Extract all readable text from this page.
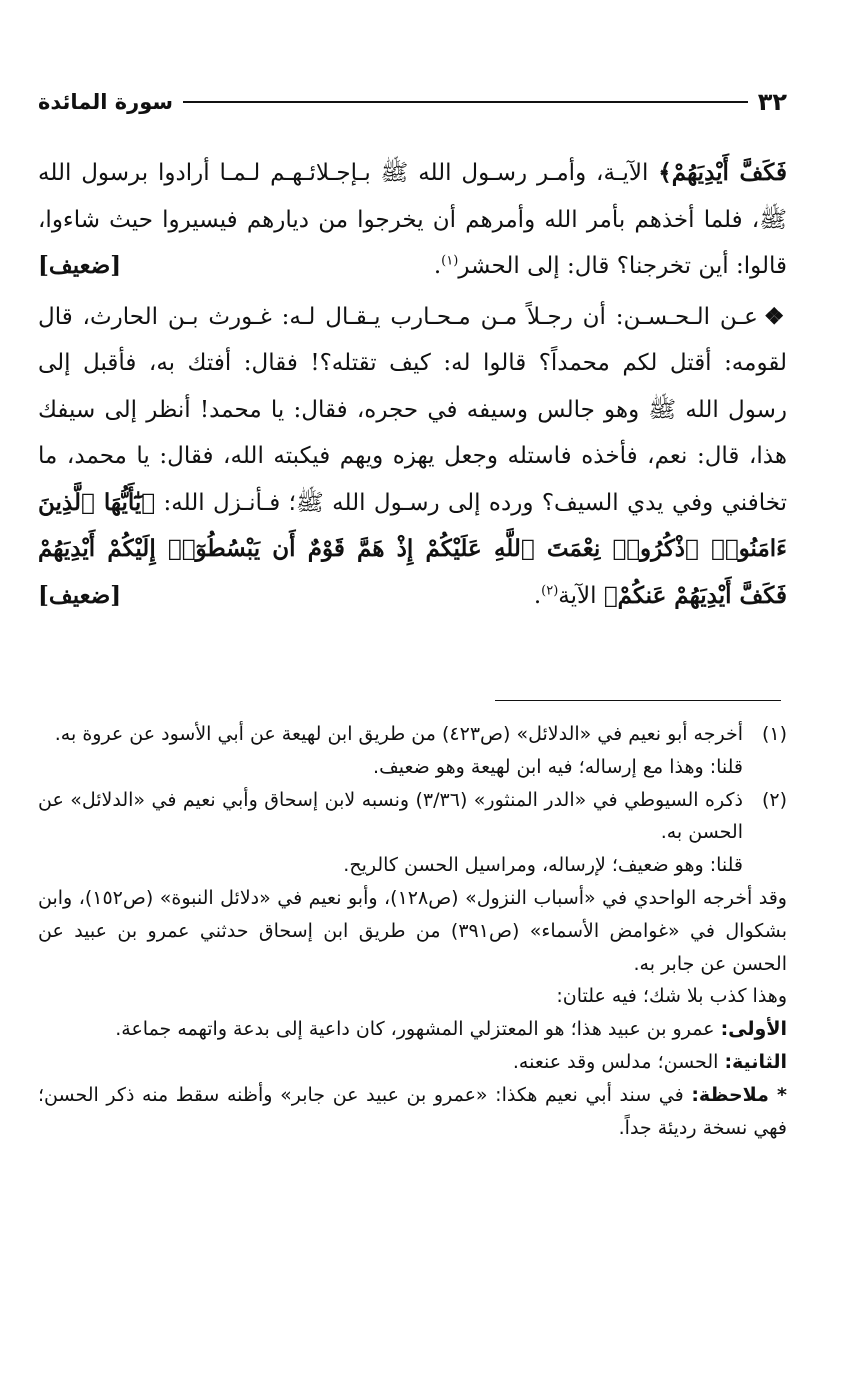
سورة المائدة	٣٢

فَكَفَّ أَيْدِيَهُمْ﴾ الآيـة، وأمـر رسـول الله ﷺ بـإجـلائـهـم لـمـا أرادوا برسول الله ﷺ، فلما أخذهم بأمر الله وأمرهم أن يخرجوا من ديارهم فيسيروا حيث شاءوا، قالوا: أين تخرجنا؟ قال: إلى الحشر$^{(١)}$.
[ضعيف]

❖عـن الـحـسـن: أن رجـلاً مـن مـحـارب يـقـال لـه: غـورث بـن الحارث، قال لقومه: أقتل لكم محمداً؟ قالوا له: كيف تقتله؟! فقال: أفتك به، فأقبل إلى رسول الله ﷺ وهو جالس وسيفه في حجره، فقال: يا محمد! أنظر إلى سيفك هذا، قال: نعم، فأخذه فاستله وجعل يهزه ويهم فيكبته الله، فقال: يا محمد، ما تخافني وفي يدي السيف؟ ورده إلى رسـول الله ﷺ؛ فـأنـزل الله: ﴿يَٰٓأَيُّهَا ٱلَّذِينَ ءَامَنُوا۟ ٱذْكُرُوا۟ نِعْمَتَ ٱللَّهِ عَلَيْكُمْ إِذْ هَمَّ قَوْمٌ أَن يَبْسُطُوٓا۟ إِلَيْكُمْ أَيْدِيَهُمْ فَكَفَّ أَيْدِيَهُمْ عَنكُمْ﴾ الآية$^{(٢)}$.
[ضعيف]

(١)

أخرجه أبو نعيم في «الدلائل» (ص٤٢٣) من طريق ابن لهيعة عن أبي الأسود عن عروة به.

قلنا: وهذا مع إرساله؛ فيه ابن لهيعة وهو ضعيف.

(٢)

ذكره السيوطي في «الدر المنثور» (٣/٣٦) ونسبه لابن إسحاق وأبي نعيم في «الدلائل» عن الحسن به.

قلنا: وهو ضعيف؛ لإرساله، ومراسيل الحسن كالريح.

وقد أخرجه الواحدي في «أسباب النزول» (ص١٢٨)، وأبو نعيم في «دلائل النبوة» (ص١٥٢)، وابن بشكوال في «غوامض الأسماء» (ص٣٩١) من طريق ابن إسحاق حدثني عمرو بن عبيد عن الحسن عن جابر به.

وهذا كذب بلا شك؛ فيه علتان:

الأولى: عمرو بن عبيد هذا؛ هو المعتزلي المشهور، كان داعية إلى بدعة واتهمه جماعة.

الثانية: الحسن؛ مدلس وقد عنعنه.

* ملاحظة: في سند أبي نعيم هكذا: «عمرو بن عبيد عن جابر» وأظنه سقط منه ذكر الحسن؛ فهي نسخة رديئة جداً.
